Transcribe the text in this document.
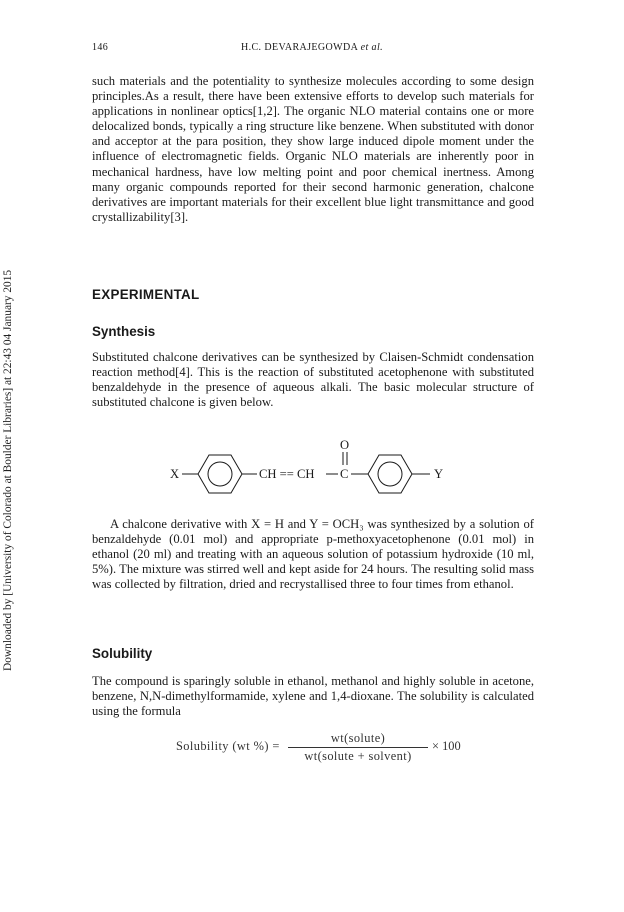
146	H.C. DEVARAJEGOWDA et al.
Downloaded by [University of Colorado at Boulder Libraries] at 22:43 04 January 2015

such materials and the potentiality to synthesize molecules according to some design principles.As a result, there have been extensive efforts to develop such materials for applications in nonlinear optics[1,2]. The organic NLO material contains one or more delocalized bonds, typically a ring structure like benzene. When substituted with donor and acceptor at the para position, they show large induced dipole moment under the influence of electromagnetic fields. Organic NLO materials are inherently poor in mechanical hardness, have low melting point and poor chemical inertness. Among many organic compounds reported for their second harmonic generation, chalcone derivatives are important materials for their excellent blue light transmittance and good crystallizability[3].

EXPERIMENTAL
Synthesis

Substituted chalcone derivatives can be synthesized by Claisen-Schmidt condensation reaction method[4]. This is the reaction of substituted acetophenone with substituted benzaldehyde in the presence of aqueous alkali. The basic molecular structure of substituted chalcone is given below.

X	CH == CH C
O
Y

A chalcone derivative with X = H and Y = OCH₃ was synthesized by a solution of benzaldehyde (0.01 mol) and appropriate p-methoxyacetophenone (0.01 mol) in ethanol (20 ml) and treating with an aqueous solution of potassium hydroxide (10 ml, 5%). The mixture was stirred well and kept aside for 24 hours. The resulting solid mass was collected by filtration, dried and recrystallised three to four times from ethanol.

Solubility

The compound is sparingly soluble in ethanol, methanol and highly soluble in acetone, benzene, N,N-dimethylformamide, xylene and 1,4-dioxane. The solubility is calculated using the formula

Solubility (wt %) =
wt(solute)
wt(solute + solvent)
× 100
